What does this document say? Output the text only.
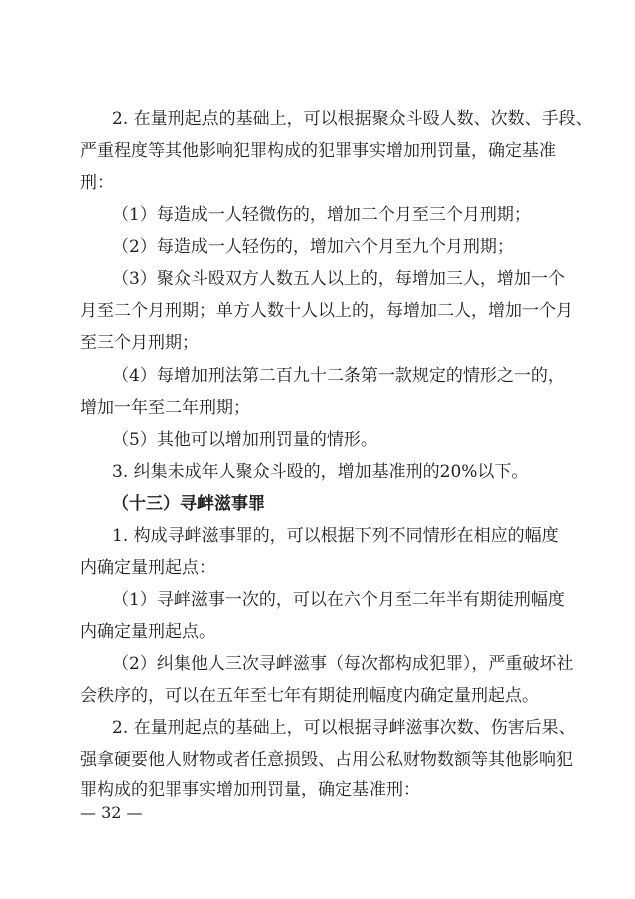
2. 在量刑起点的基础上，可以根据聚众斗殴人数、次数、手段、

严重程度等其他影响犯罪构成的犯罪事实增加刑罚量，确定基准

刑：

（1）每造成一人轻微伤的，增加二个月至三个月刑期；

（2）每造成一人轻伤的，增加六个月至九个月刑期；

（3）聚众斗殴双方人数五人以上的，每增加三人，增加一个

月至二个月刑期；单方人数十人以上的，每增加二人，增加一个月

至三个月刑期；

（4）每增加刑法第二百九十二条第一款规定的情形之一的，

增加一年至二年刑期；

（5）其他可以增加刑罚量的情形。

3. 纠集未成年人聚众斗殴的，增加基准刑的20%以下。

（十三）寻衅滋事罪

1. 构成寻衅滋事罪的，可以根据下列不同情形在相应的幅度

内确定量刑起点：

（1）寻衅滋事一次的，可以在六个月至二年半有期徒刑幅度

内确定量刑起点。

（2）纠集他人三次寻衅滋事（每次都构成犯罪），严重破坏社

会秩序的，可以在五年至七年有期徒刑幅度内确定量刑起点。

2. 在量刑起点的基础上，可以根据寻衅滋事次数、伤害后果、

强拿硬要他人财物或者任意损毁、占用公私财物数额等其他影响犯

罪构成的犯罪事实增加刑罚量，确定基准刑：

— 32 —
